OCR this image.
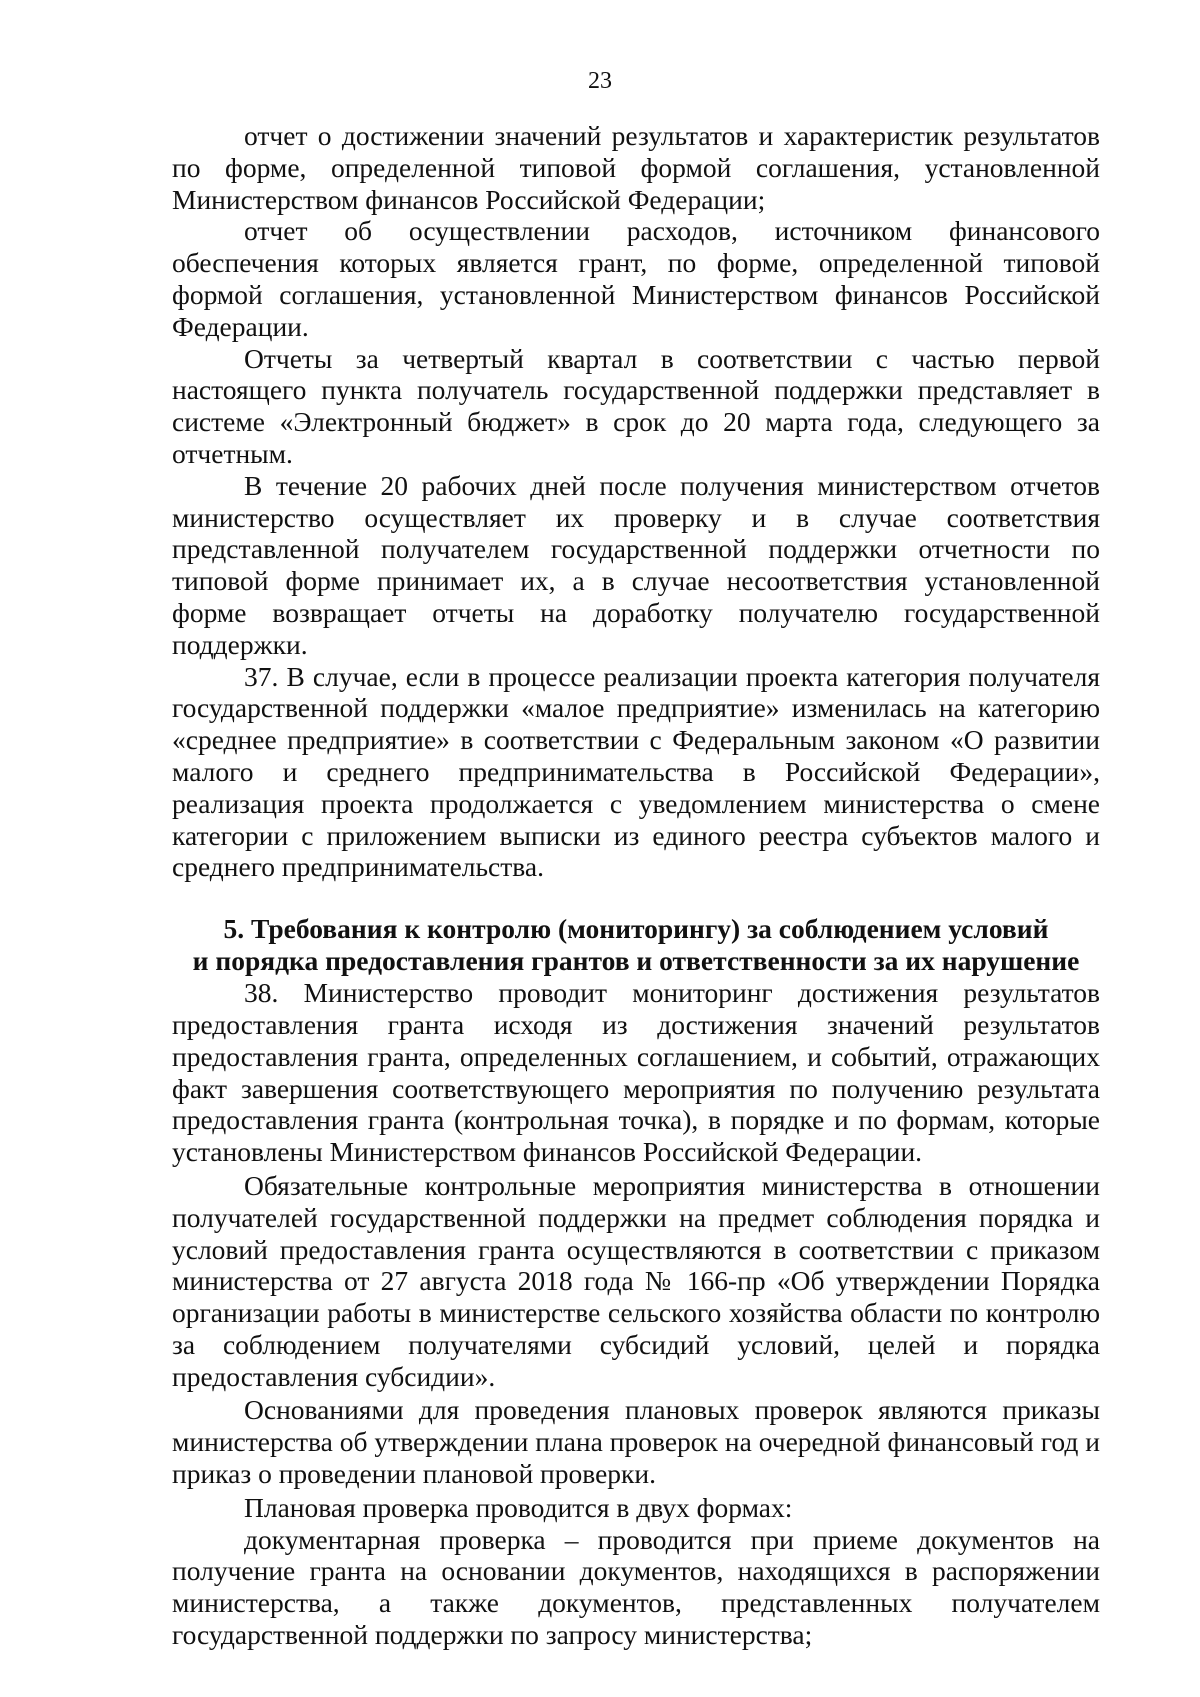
23

отчет о достижении значений результатов и характеристик результатов по форме, определенной типовой формой соглашения, установленной Министерством финансов Российской Федерации;

отчет об осуществлении расходов, источником финансового обеспечения которых является грант, по форме, определенной типовой формой соглашения, установленной Министерством финансов Российской Федерации.

Отчеты за четвертый квартал в соответствии с частью первой настоящего пункта получатель государственной поддержки представляет в системе «Электронный бюджет» в срок до 20 марта года, следующего за отчетным.

В течение 20 рабочих дней после получения министерством отчетов министерство осуществляет их проверку и в случае соответствия представленной получателем государственной поддержки отчетности по типовой форме принимает их, а в случае несоответствия установленной форме возвращает отчеты на доработку получателю государственной поддержки.

37. В случае, если в процессе реализации проекта категория получателя государственной поддержки «малое предприятие» изменилась на категорию «среднее предприятие» в соответствии с Федеральным законом «О развитии малого и среднего предпринимательства в Российской Федерации», реализация проекта продолжается с уведомлением министерства о смене категории с приложением выписки из единого реестра субъектов малого и среднего предпринимательства.

5. Требования к контролю (мониторингу) за соблюдением условий
и порядка предоставления грантов и ответственности за их нарушение

38. Министерство проводит мониторинг достижения результатов предоставления гранта исходя из достижения значений результатов предоставления гранта, определенных соглашением, и событий, отражающих факт завершения соответствующего мероприятия по получению результата предоставления гранта (контрольная точка), в порядке и по формам, которые установлены Министерством финансов Российской Федерации.

Обязательные контрольные мероприятия министерства в отношении получателей государственной поддержки на предмет соблюдения порядка и условий предоставления гранта осуществляются в соответствии с приказом министерства от 27 августа 2018 года № 166-пр «Об утверждении Порядка организации работы в министерстве сельского хозяйства области по контролю за соблюдением получателями субсидий условий, целей и порядка предоставления субсидии».

Основаниями для проведения плановых проверок являются приказы министерства об утверждении плана проверок на очередной финансовый год и приказ о проведении плановой проверки.

Плановая проверка проводится в двух формах:

документарная проверка – проводится при приеме документов на получение гранта на основании документов, находящихся в распоряжении министерства, а также документов, представленных получателем государственной поддержки по запросу министерства;
